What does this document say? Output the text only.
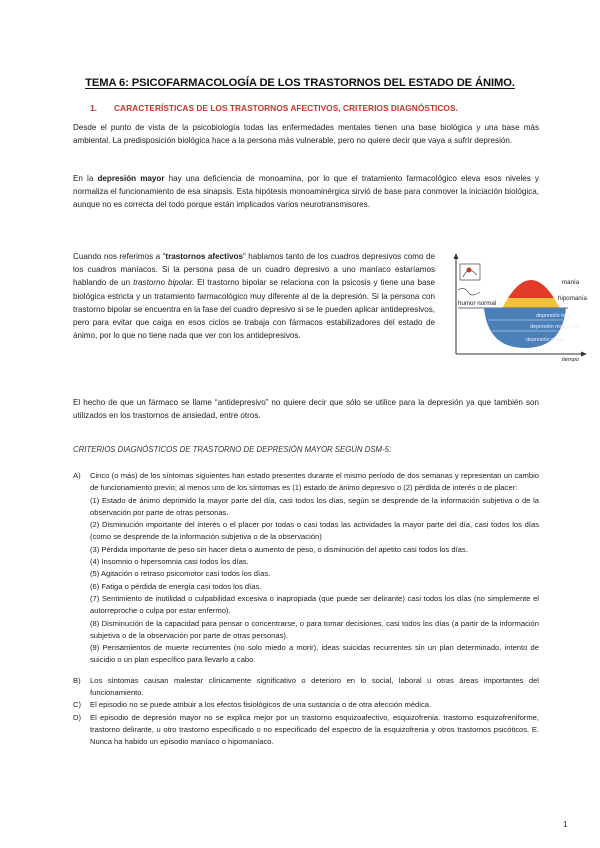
TEMA 6: PSICOFARMACOLOGÍA DE LOS TRASTORNOS DEL ESTADO DE ÁNIMO.
1. CARACTERÍSTICAS DE LOS TRASTORNOS AFECTIVOS, CRITERIOS DIAGNÓSTICOS.
Desde el punto de vista de la psicobiología todas las enfermedades mentales tienen una base biológica y una base más ambiental. La predisposición biológica hace a la persona más vulnerable, pero no quiere decir que vaya a sufrir depresión.
En la depresión mayor hay una deficiencia de monoamina, por lo que el tratamiento farmacológico eleva esos niveles y normaliza el funcionamiento de esa sinapsis. Esta hipótesis monoaminérgica sirvió de base para conmover la iniciación biológica, aunque no es correcta del todo porque están implicados varios neurotransmisores.
Cuando nos referimos a “trastornos afectivos” hablamos tanto de los cuadros depresivos como de los cuadros maníacos. Si la persona pasa de un cuadro depresivo a uno maníaco estaríamos hablando de un trastorno bipolar. El trastorno bipolar se relaciona con la psicosis y tiene una base biológica estricta y un tratamiento farmacológico muy diferente al de la depresión. Si la persona con trastorno bipolar se encuentra en la fase del cuadro depresivo si se le pueden aplicar antidepresivos, pero para evitar que caiga en esos ciclos se trabaja con fármacos estabilizadores del estado de ánimo, por lo que no tiene nada que ver con los antidepresivos.
manía
hipomanía
humor normal
depresión leve
depresión moderada
depresión grave
tiempo
El hecho de que un fármaco se llame “antidepresivo” no quiere decir que sólo se utilice para la depresión ya que también son utilizados en los trastornos de ansiedad, entre otros.
CRITERIOS DIAGNÓSTICOS DE TRASTORNO DE DEPRESIÓN MAYOR SEGÚN DSM-5:
A) Cinco (o más) de los síntomas siguientes han estado presentes durante el mismo período de dos semanas y representan un cambio de funcionamiento previo; al menos uno de los síntomas es (1) estado de ánimo depresivo o (2) pérdida de interés o de placer:
(1) Estado de ánimo deprimido la mayor parte del día, casi todos los días, según se desprende de la información subjetiva o de la observación por parte de otras personas.
(2) Disminución importante del interés o el placer por todas o casi todas las actividades la mayor parte del día, casi todos los días (como se desprende de la información subjetiva o de la observación)
(3) Pérdida importante de peso sin hacer dieta o aumento de peso, o disminución del apetito casi todos los días.
(4) Insomnio o hipersomnia casi todos los días.
(5) Agitación o retraso psicomotor casi todos los días.
(6) Fatiga o pérdida de energía casi todos los días.
(7) Sentimiento de inutilidad o culpabilidad excesiva o inapropiada (que puede ser delirante) casi todos los días (no simplemente el autorreproche o culpa por estar enfermo).
(8) Disminución de la capacidad para pensar o concentrarse, o para tomar decisiones, casi todos los días (a partir de la información subjetiva o de la observación por parte de otras personas).
(9) Pensamientos de muerte recurrentes (no solo miedo a morir), ideas suicidas recurrentes sin un plan determinado, intento de suicidio o un plan específico para llevarlo a cabo.
B) Los síntomas causan malestar clínicamente significativo o deterioro en lo social, laboral u otras áreas importantes del funcionamiento.
C) El episodio no se puede atribuir a los efectos fisiológicos de una sustancia o de otra afección médica.
D) El episodio de depresión mayor no se explica mejor por un trastorno esquizoafectivo, esquizofrenia. trastorno esquizofreniforme, trastorno delirante, u otro trastorno especificado o no especificado del espectro de la esquizofrenia y otros trastornos psicóticos. E. Nunca ha habido un episodio maníaco o hipomaníaco.
1
